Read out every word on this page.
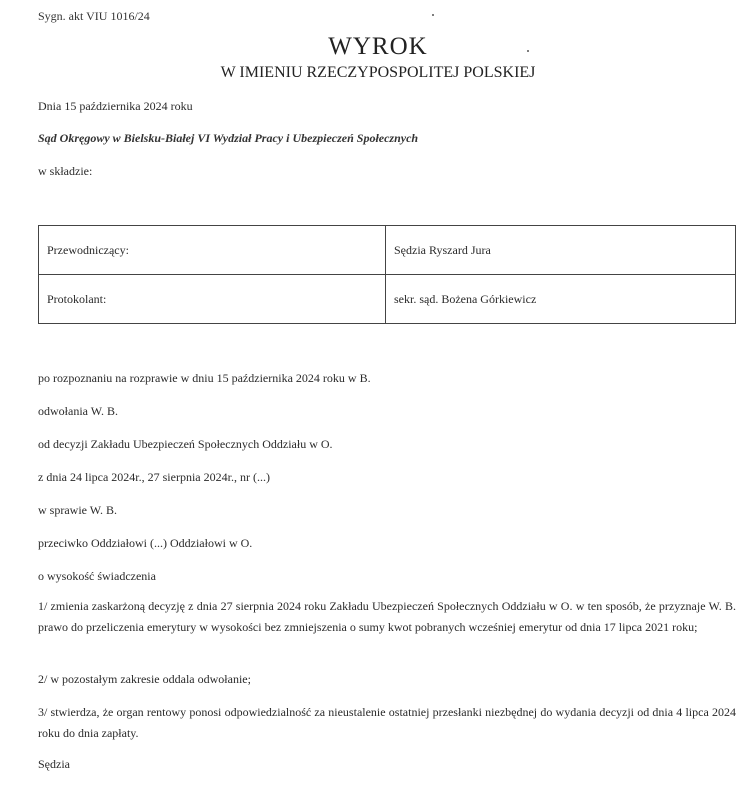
Sygn. akt VIU 1016/24
WYROK
W IMIENIU RZECZYPOSPOLITEJ POLSKIEJ
Dnia 15 października 2024 roku
Sąd Okręgowy w Bielsku-Białej VI Wydział Pracy i Ubezpieczeń Społecznych
w składzie:
Przewodniczący:	Sędzia Ryszard Jura
Protokolant:	sekr. sąd. Bożena Górkiewicz
po rozpoznaniu na rozprawie w dniu 15 października 2024 roku w B.
odwołania W. B.
od decyzji Zakładu Ubezpieczeń Społecznych Oddziału w O.
z dnia 24 lipca 2024r., 27 sierpnia 2024r., nr (...)
w sprawie W. B.
przeciwko Oddziałowi (...) Oddziałowi w O.
o wysokość świadczenia
1/ zmienia zaskarżoną decyzję z dnia 27 sierpnia 2024 roku Zakładu Ubezpieczeń Społecznych Oddziału w O. w ten sposób, że przyznaje W. B. prawo do przeliczenia emerytury w wysokości bez zmniejszenia o sumy kwot pobranych wcześniej emerytur od dnia 17 lipca 2021 roku;
2/ w pozostałym zakresie oddala odwołanie;
3/ stwierdza, że organ rentowy ponosi odpowiedzialność za nieustalenie ostatniej przesłanki niezbędnej do wydania decyzji od dnia 4 lipca 2024 roku do dnia zapłaty.
Sędzia
